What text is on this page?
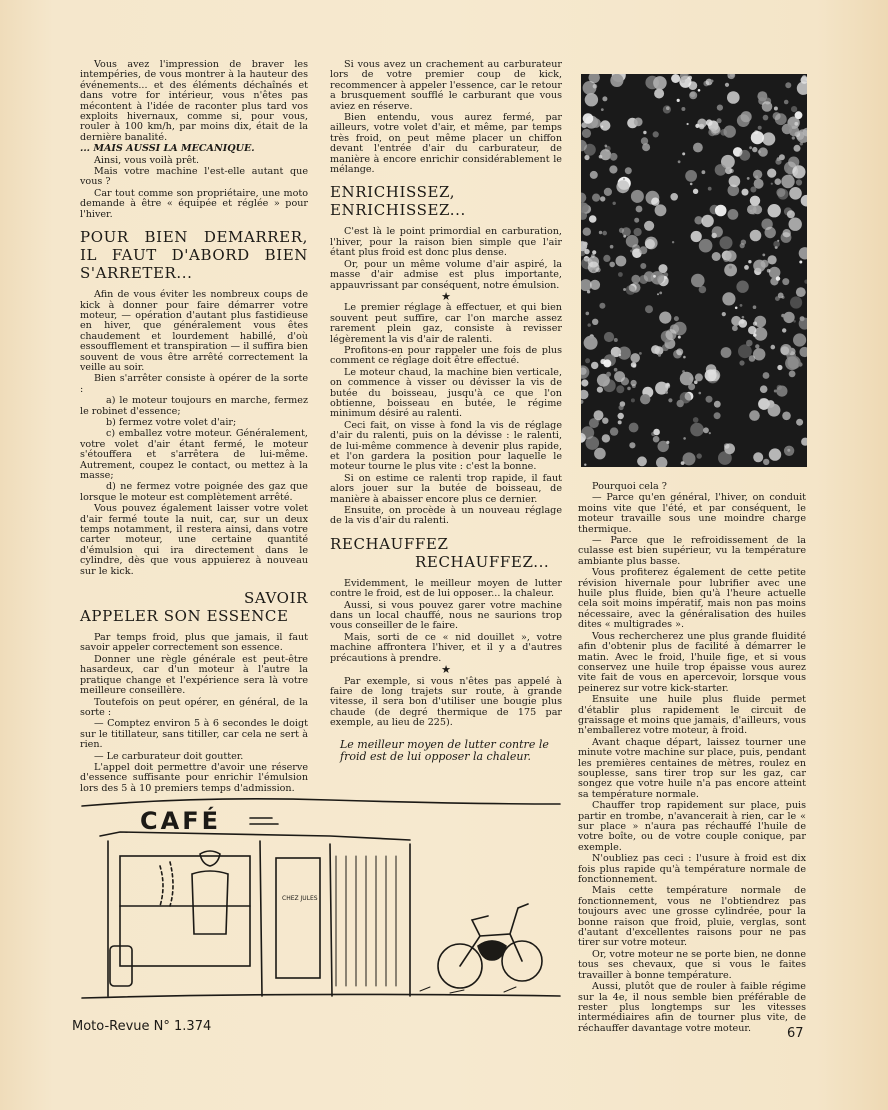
Vous avez l'impression de braver les intempéries, de vous montrer à la hauteur des événements... et des éléments déchaînés et dans votre for intérieur, vous n'êtes pas mécontent à l'idée de raconter plus tard vos exploits hivernaux, comme si, pour vous, rouler à 100 km/h, par moins dix, était de la dernière banalité.

... MAIS AUSSI LA MECANIQUE.

Ainsi, vous voilà prêt.

Mais votre machine l'est-elle autant que vous ?

Car tout comme son propriétaire, une moto demande à être « équipée et réglée » pour l'hiver.

POUR BIEN DEMARRER, IL FAUT D'ABORD BIEN S'ARRETER...

Afin de vous éviter les nombreux coups de kick à donner pour faire démarrer votre moteur, — opération d'autant plus fastidieuse en hiver, que généralement vous êtes chaudement et lourdement habillé, d'où essoufflement et transpiration — il suffira bien souvent de vous être arrêté correctement la veille au soir.

Bien s'arrêter consiste à opérer de la sorte :

a) le moteur toujours en marche, fermez le robinet d'essence;

b) fermez votre volet d'air;

c) emballez votre moteur. Généralement, votre volet d'air étant fermé, le moteur s'étouffera et s'arrêtera de lui-même. Autrement, coupez le contact, ou mettez à la masse;

d) ne fermez votre poignée des gaz que lorsque le moteur est complètement arrêté.

Vous pouvez également laisser votre volet d'air fermé toute la nuit, car, sur un deux temps notamment, il restera ainsi, dans votre carter moteur, une certaine quantité d'émulsion qui ira directement dans le cylindre, dès que vous appuierez à nouveau sur le kick.

SAVOIR
APPELER SON ESSENCE

Par temps froid, plus que jamais, il faut savoir appeler correctement son essence.

Donner une règle générale est peut-être hasardeux, car d'un moteur à l'autre la pratique change et l'expérience sera là votre meilleure conseillère.

Toutefois on peut opérer, en général, de la sorte :

— Comptez environ 5 à 6 secondes le doigt sur le titillateur, sans titiller, car cela ne sert à rien.

— Le carburateur doit goutter.

L'appel doit permettre d'avoir une réserve d'essence suffisante pour enrichir l'émulsion lors des 5 à 10 premiers temps d'admission.

Si vous avez un crachement au carburateur lors de votre premier coup de kick, recommencer à appeler l'essence, car le retour a brusquement soufflé le carburant que vous aviez en réserve.

Bien entendu, vous aurez fermé, par ailleurs, votre volet d'air, et même, par temps très froid, on peut même placer un chiffon devant l'entrée d'air du carburateur, de manière à encore enrichir considérablement le mélange.

ENRICHISSEZ, ENRICHISSEZ...

C'est là le point primordial en carburation, l'hiver, pour la raison bien simple que l'air étant plus froid est donc plus dense.

Or, pour un même volume d'air aspiré, la masse d'air admise est plus importante, appauvrissant par conséquent, notre émulsion.

★

Le premier réglage à effectuer, et qui bien souvent peut suffire, car l'on marche assez rarement plein gaz, consiste à revisser légèrement la vis d'air de ralenti.

Profitons-en pour rappeler une fois de plus comment ce réglage doit être effectué.

Le moteur chaud, la machine bien verticale, on commence à visser ou dévisser la vis de butée du boisseau, jusqu'à ce que l'on obtienne, boisseau en butée, le régime minimum désiré au ralenti.

Ceci fait, on visse à fond la vis de réglage d'air du ralenti, puis on la dévisse : le ralenti, de lui-même commence à devenir plus rapide, et l'on gardera la position pour laquelle le moteur tourne le plus vite : c'est la bonne.

Si on estime ce ralenti trop rapide, il faut alors jouer sur la butée de boisseau, de manière à abaisser encore plus ce dernier.

Ensuite, on procède à un nouveau réglage de la vis d'air du ralenti.

RECHAUFFEZ
RECHAUFFEZ...

Evidemment, le meilleur moyen de lutter contre le froid, est de lui opposer... la chaleur.

Aussi, si vous pouvez garer votre machine dans un local chauffé, nous ne saurions trop vous conseiller de le faire.

Mais, sorti de ce « nid douillet », votre machine affrontera l'hiver, et il y a d'autres précautions à prendre.

★

Par exemple, si vous n'êtes pas appelé à faire de long trajets sur route, à grande vitesse, il sera bon d'utiliser une bougie plus chaude (de degré thermique de 175 par exemple, au lieu de 225).

Le meilleur moyen de lutter contre le froid est de lui opposer la chaleur.

Pourquoi cela ?

— Parce qu'en général, l'hiver, on conduit moins vite que l'été, et par conséquent, le moteur travaille sous une moindre charge thermique.

— Parce que le refroidissement de la culasse est bien supérieur, vu la température ambiante plus basse.

Vous profiterez également de cette petite révision hivernale pour lubrifier avec une huile plus fluide, bien qu'à l'heure actuelle cela soit moins impératif, mais non pas moins nécessaire, avec la généralisation des huiles dites « multigrades ».

Vous rechercherez une plus grande fluidité afin d'obtenir plus de facilité à démarrer le matin. Avec le froid, l'huile fige, et si vous conservez une huile trop épaisse vous aurez vite fait de vous en apercevoir, lorsque vous peinerez sur votre kick-starter.

Ensuite une huile plus fluide permet d'établir plus rapidement le circuit de graissage et moins que jamais, d'ailleurs, vous n'emballerez votre moteur, à froid.

Avant chaque départ, laissez tourner une minute votre machine sur place, puis, pendant les premières centaines de mètres, roulez en souplesse, sans tirer trop sur les gaz, car songez que votre huile n'a pas encore atteint sa température normale.

Chauffer trop rapidement sur place, puis partir en trombe, n'avancerait à rien, car le « sur place » n'aura pas réchauffé l'huile de votre boîte, ou de votre couple conique, par exemple.

N'oubliez pas ceci : l'usure à froid est dix fois plus rapide qu'à température normale de fonctionnement.

Mais cette température normale de fonctionnement, vous ne l'obtiendrez pas toujours avec une grosse cylindrée, pour la bonne raison que froid, pluie, verglas, sont d'autant d'excellentes raisons pour ne pas tirer sur votre moteur.

Or, votre moteur ne se porte bien, ne donne tous ses chevaux, que si vous le faites travailler à bonne température.

Aussi, plutôt que de rouler à faible régime sur la 4e, il nous semble bien préférable de rester plus longtemps sur les vitesses intermédiaires afin de tourner plus vite, de réchauffer davantage votre moteur.

CAFÉ
CHEZ JULES
Moto-Revue N° 1.374	67
